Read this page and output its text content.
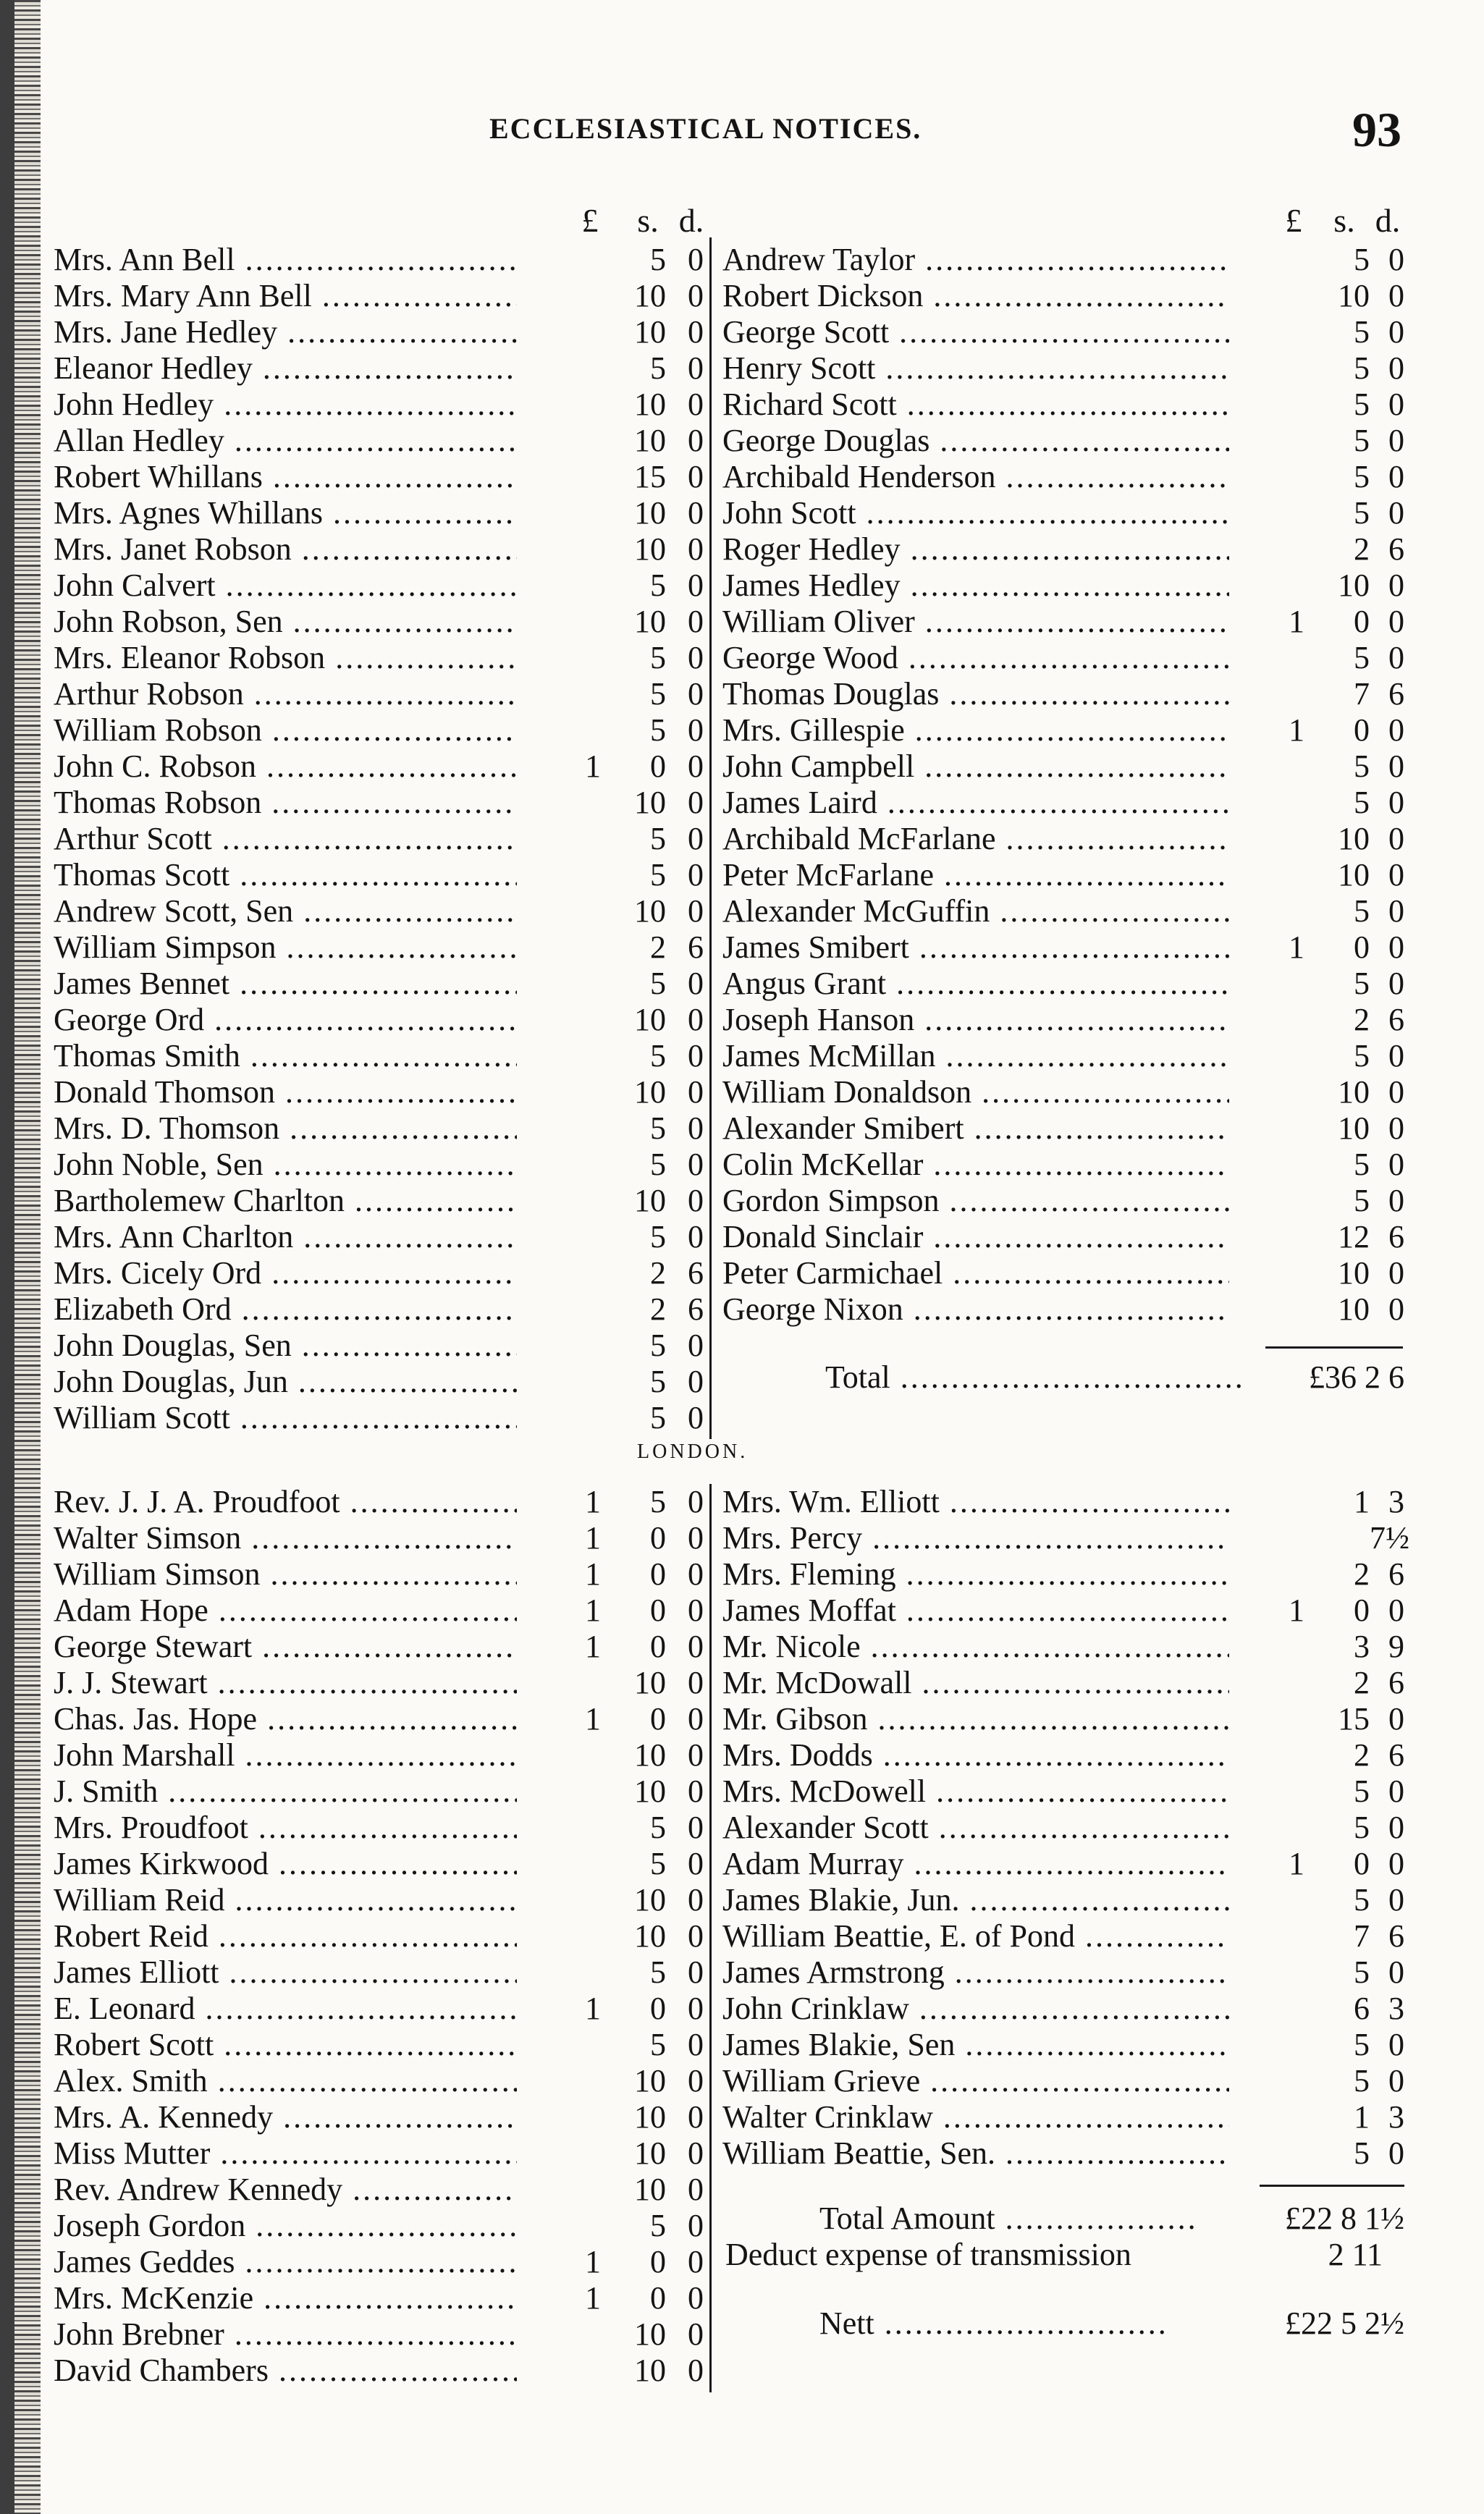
ECCLESIASTICAL NOTICES.	93
£	s. d.
Mrs. Ann Bell .....	5 0
Mrs. Mary Ann Bell .....	10 0
Mrs. Jane Hedley .....	10 0
Eleanor Hedley .....	5 0
John Hedley .....	10 0
Allan Hedley .....	10 0
Robert Whillans .....	15 0
Mrs. Agnes Whillans .....	10 0
Mrs. Janet Robson .....	10 0
John Calvert .....	5 0
John Robson, Sen .....	10 0
Mrs. Eleanor Robson .....	5 0
Arthur Robson .....	5 0
William Robson .....	5 0
John C. Robson .....	1	0 0
Thomas Robson .....	10 0
Arthur Scott .....	5 0
Thomas Scott .....	5 0
Andrew Scott, Sen .....	10 0
William Simpson .....	2 6
James Bennet .....	5 0
George Ord .....	10 0
Thomas Smith .....	5 0
Donald Thomson .....	10 0
Mrs. D. Thomson .....	5 0
John Noble, Sen .....	5 0
Bartholemew Charlton .....	10 0
Mrs. Ann Charlton .....	5 0
Mrs. Cicely Ord .....	2 6
Elizabeth Ord .....	2 6
John Douglas, Sen .....	5 0
John Douglas, Jun .....	5 0
William Scott .....	5 0
£ s. d.
Andrew Taylor .....	5 0
Robert Dickson .....	10 0
George Scott .....	5 0
Henry Scott .....	5 0
Richard Scott .....	5 0
George Douglas .....	5 0
Archibald Henderson .....	5 0
John Scott .....	5 0
Roger Hedley .....	2 6
James Hedley .....	10 0
William Oliver .....	1	0 0
George Wood .....	5 0
Thomas Douglas .....	7 6
Mrs. Gillespie .....	1	0 0
John Campbell .....	5 0
James Laird .....	5 0
Archibald McFarlane .....	10 0
Peter McFarlane .....	10 0
Alexander McGuffin .....	5 0
James Smibert .....	1	0 0
Angus Grant .....	5 0
Joseph Hanson .....	2 6
James McMillan .....	5 0
William Donaldson .....	10 0
Alexander Smibert .....	10 0
Colin McKellar .....	5 0
Gordon Simpson .....	5 0
Donald Sinclair .....	12 6
Peter Carmichael .....	10 0
George Nixon .....	10 0
Total .....	£36 2 6
LONDON.
Rev. J. J. A. Proudfoot .....	1	5 0
Walter Simson .....	1	0 0
William Simson .....	1	0 0
Adam Hope .....	1	0 0
George Stewart .....	1	0 0
J. J. Stewart .....	10 0
Chas. Jas. Hope .....	1	0 0
John Marshall .....	10 0
J. Smith .....	10 0
Mrs. Proudfoot .....	5 0
James Kirkwood .....	5 0
William Reid .....	10 0
Robert Reid .....	10 0
James Elliott .....	5 0
E. Leonard .....	1	0 0
Robert Scott .....	5 0
Alex. Smith .....	10 0
Mrs. A. Kennedy .....	10 0
Miss Mutter .....	10 0
Rev. Andrew Kennedy .....	10 0
Joseph Gordon .....	5 0
James Geddes .....	1	0 0
Mrs. McKenzie .....	1	0 0
John Brebner .....	10 0
David Chambers .....	10 0
Mrs. Wm. Elliott .....	1 3
Mrs. Percy .....	7½
Mrs. Fleming .....	2 6
James Moffat .....	1	0 0
Mr. Nicole .....	3 9
Mr. McDowall .....	2 6
Mr. Gibson .....	15 0
Mrs. Dodds .....	2 6
Mrs. McDowell .....	5 0
Alexander Scott .....	5 0
Adam Murray .....	1	0 0
James Blakie, Jun. .....	5 0
William Beattie, E. of Pond .....	7 6
James Armstrong .....	5 0
John Crinklaw .....	6 3
James Blakie, Sen .....	5 0
William Grieve .....	5 0
Walter Crinklaw .....	1 3
William Beattie, Sen. .....	5 0
Total Amount .....	£22 8 1½
Deduct expense of transmission	2 11
Nett .....	£22 5 2½
